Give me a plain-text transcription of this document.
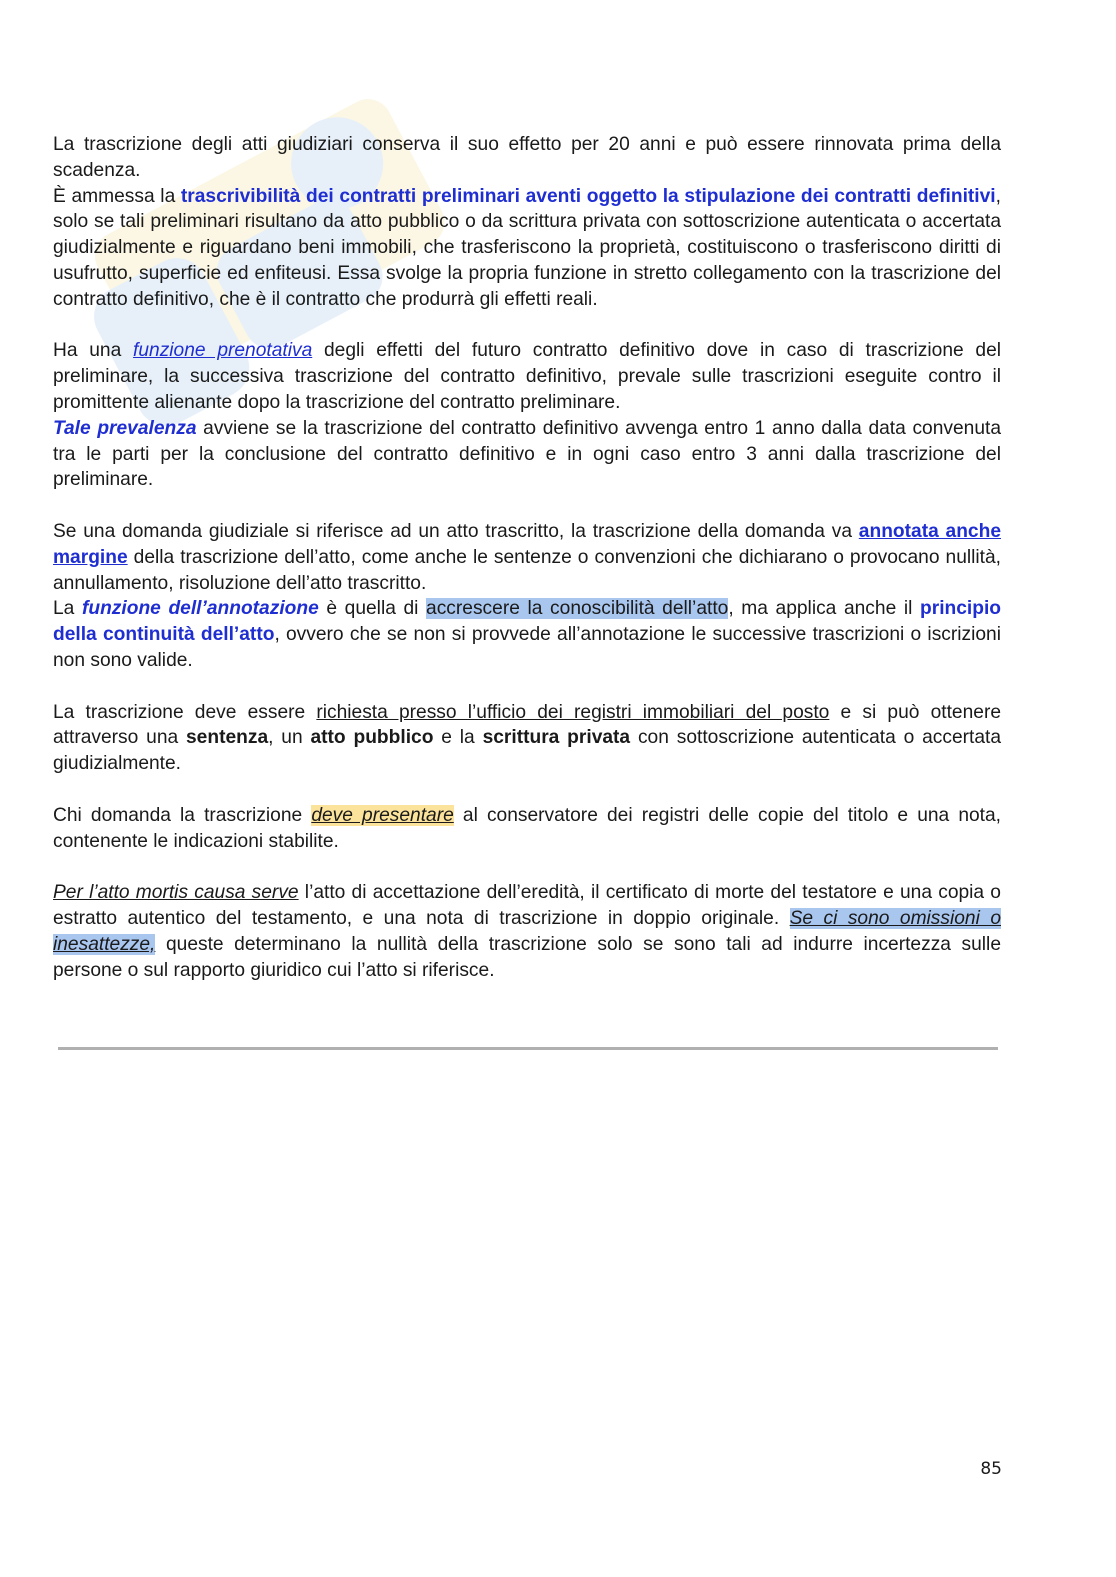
La trascrizione degli atti giudiziari conserva il suo effetto per 20 anni e può essere rinnovata prima della scadenza.
È ammessa la trascrivibilità dei contratti preliminari aventi oggetto la stipulazione dei contratti definitivi, solo se tali preliminari risultano da atto pubblico o da scrittura privata con sottoscrizione autenticata o accertata giudizialmente e riguardano beni immobili, che trasferiscono la proprietà, costituiscono o trasferiscono diritti di usufrutto, superficie ed enfiteusi. Essa svolge la propria funzione in stretto collegamento con la trascrizione del contratto definitivo, che è il contratto che produrrà gli effetti reali.

Ha una funzione prenotativa degli effetti del futuro contratto definitivo dove in caso di trascrizione del preliminare, la successiva trascrizione del contratto definitivo, prevale sulle trascrizioni eseguite contro il promittente alienante dopo la trascrizione del contratto preliminare.
Tale prevalenza avviene se la trascrizione del contratto definitivo avvenga entro 1 anno dalla data convenuta tra le parti per la conclusione del contratto definitivo e in ogni caso entro 3 anni dalla trascrizione del preliminare.

Se una domanda giudiziale si riferisce ad un atto trascritto, la trascrizione della domanda va annotata anche margine della trascrizione dell’atto, come anche le sentenze o convenzioni che dichiarano o provocano nullità, annullamento, risoluzione dell’atto trascritto.
La funzione dell’annotazione è quella di accrescere la conoscibilità dell’atto, ma applica anche il principio della continuità dell’atto, ovvero che se non si provvede all’annotazione le successive trascrizioni o iscrizioni non sono valide.

La trascrizione deve essere richiesta presso l’ufficio dei registri immobiliari del posto e si può ottenere attraverso una sentenza, un atto pubblico e la scrittura privata con sottoscrizione autenticata o accertata giudizialmente.

Chi domanda la trascrizione deve presentare al conservatore dei registri delle copie del titolo e una nota, contenente le indicazioni stabilite.

Per l’atto mortis causa serve l’atto di accettazione dell’eredità, il certificato di morte del testatore e una copia o estratto autentico del testamento, e una nota di trascrizione in doppio originale. Se ci sono omissioni o inesattezze, queste determinano la nullità della trascrizione solo se sono tali ad indurre incertezza sulle persone o sul rapporto giuridico cui l’atto si riferisce.

85
